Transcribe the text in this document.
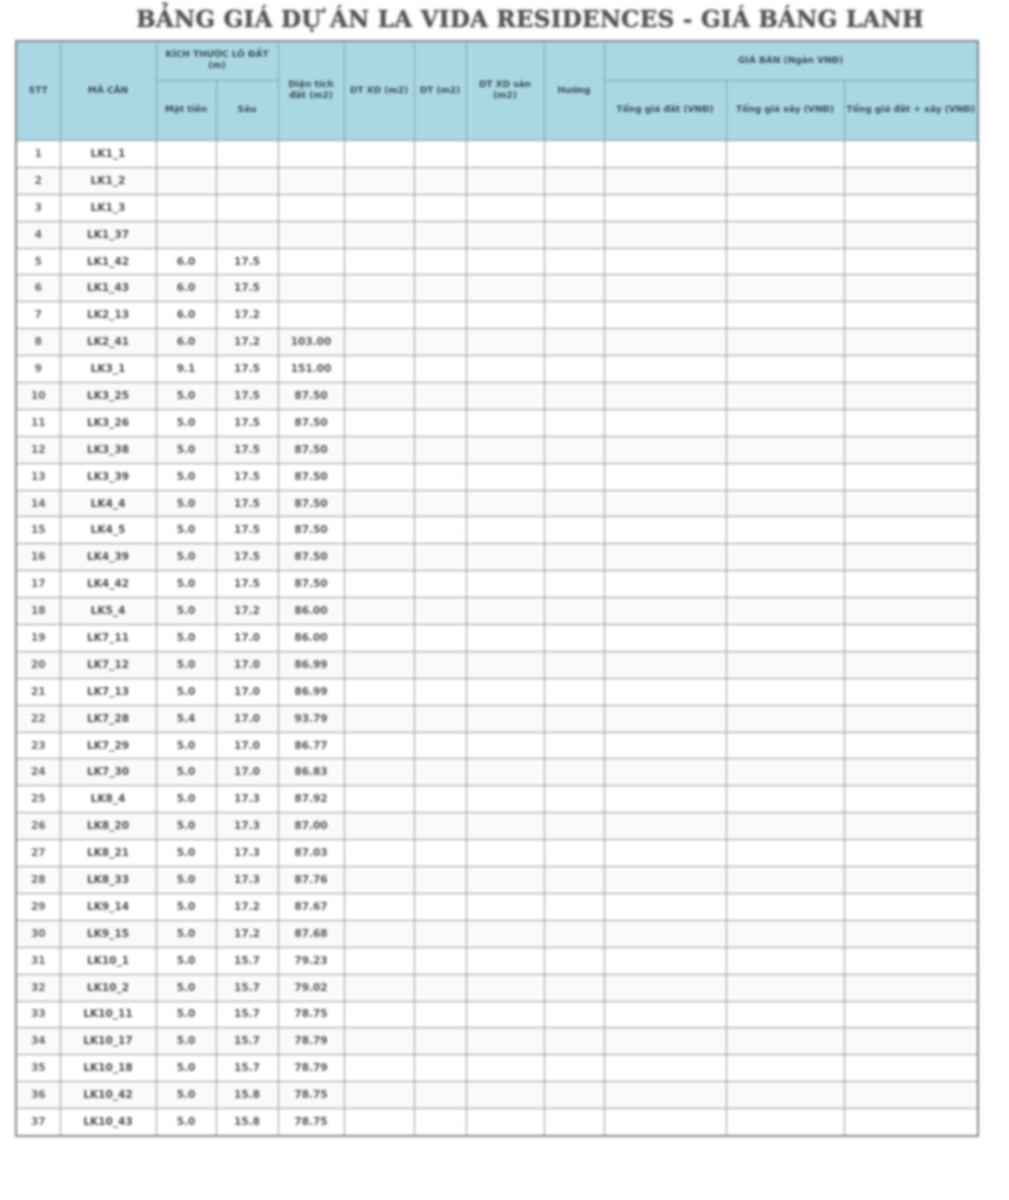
BẢNG GIÁ DỰ ÁN LA VIDA RESIDENCES - GIÁ BÁNG LANH
STT	MÃ CĂN	KÍCH THƯỚC LÔ ĐẤT (m)		Diện tích đất (m2)	DT XD (m2)	DT (m2)	DT XD sàn (m2)	Hướng	GIÁ BÁN (Ngàn VNĐ)		
		Mặt tiền	Sâu						Tổng giá đất (VNĐ)	Tổng giá xây (VNĐ)	Tổng giá đất + xây (VNĐ)
1	LK1_1										
2	LK1_2										
3	LK1_3										
4	LK1_37										
5	LK1_42	6.0	17.5								
6	LK1_43	6.0	17.5								
7	LK2_13	6.0	17.2								
8	LK2_41	6.0	17.2	103.00							
9	LK3_1	9.1	17.5	151.00							
10	LK3_25	5.0	17.5	87.50							
11	LK3_26	5.0	17.5	87.50							
12	LK3_38	5.0	17.5	87.50							
13	LK3_39	5.0	17.5	87.50							
14	LK4_4	5.0	17.5	87.50							
15	LK4_5	5.0	17.5	87.50							
16	LK4_39	5.0	17.5	87.50							
17	LK4_42	5.0	17.5	87.50							
18	LK5_4	5.0	17.2	86.00							
19	LK7_11	5.0	17.0	86.00							
20	LK7_12	5.0	17.0	86.99							
21	LK7_13	5.0	17.0	86.99							
22	LK7_28	5.4	17.0	93.79							
23	LK7_29	5.0	17.0	86.77							
24	LK7_30	5.0	17.0	86.83							
25	LK8_4	5.0	17.3	87.92							
26	LK8_20	5.0	17.3	87.00							
27	LK8_21	5.0	17.3	87.03							
28	LK8_33	5.0	17.3	87.76							
29	LK9_14	5.0	17.2	87.67							
30	LK9_15	5.0	17.2	87.68							
31	LK10_1	5.0	15.7	79.23							
32	LK10_2	5.0	15.7	79.02							
33	LK10_11	5.0	15.7	78.75							
34	LK10_17	5.0	15.7	78.79							
35	LK10_18	5.0	15.7	78.79							
36	LK10_42	5.0	15.8	78.75							
37	LK10_43	5.0	15.8	78.75							
